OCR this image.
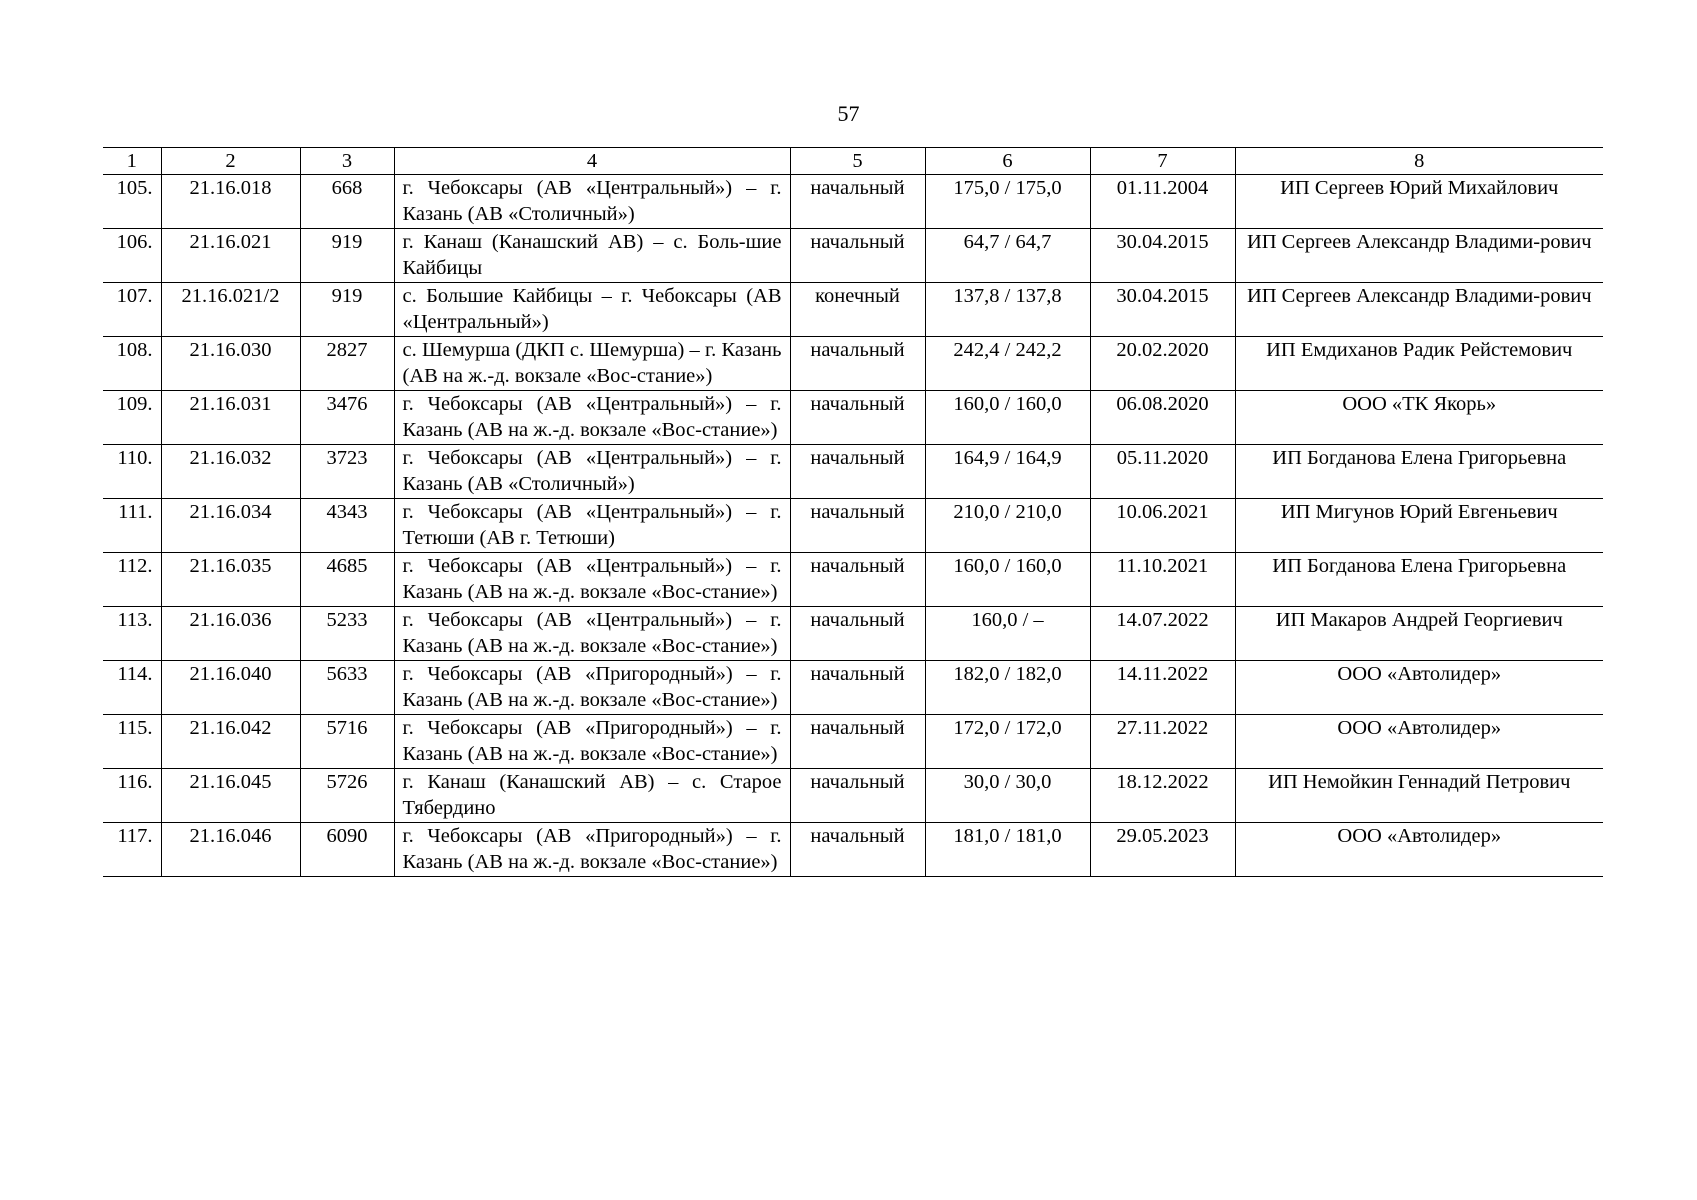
57
1	2	3	4	5	6	7	8
105.	21.16.018	668	г. Чебоксары (АВ «Центральный») – г. Казань (АВ «Столичный»)	начальный	175,0 / 175,0	01.11.2004	ИП Сергеев Юрий Михайлович
106.	21.16.021	919	г. Канаш (Канашский АВ) – с. Боль-шие Кайбицы	начальный	64,7 / 64,7	30.04.2015	ИП Сергеев Александр Владими-рович
107.	21.16.021/2	919	с. Большие Кайбицы – г. Чебоксары (АВ «Центральный»)	конечный	137,8 / 137,8	30.04.2015	ИП Сергеев Александр Владими-рович
108.	21.16.030	2827	с. Шемурша (ДКП с. Шемурша) – г. Казань (АВ на ж.-д. вокзале «Вос-стание»)	начальный	242,4 / 242,2	20.02.2020	ИП Емдиханов Радик Рейстемович
109.	21.16.031	3476	г. Чебоксары (АВ «Центральный») – г. Казань (АВ на ж.-д. вокзале «Вос-стание»)	начальный	160,0 / 160,0	06.08.2020	ООО «ТК Якорь»
110.	21.16.032	3723	г. Чебоксары (АВ «Центральный») – г. Казань (АВ «Столичный»)	начальный	164,9 / 164,9	05.11.2020	ИП Богданова Елена Григорьевна
111.	21.16.034	4343	г. Чебоксары (АВ «Центральный») – г. Тетюши (АВ г. Тетюши)	начальный	210,0 / 210,0	10.06.2021	ИП Мигунов Юрий Евгеньевич
112.	21.16.035	4685	г. Чебоксары (АВ «Центральный») – г. Казань (АВ на ж.-д. вокзале «Вос-стание»)	начальный	160,0 / 160,0	11.10.2021	ИП Богданова Елена Григорьевна
113.	21.16.036	5233	г. Чебоксары (АВ «Центральный») – г. Казань (АВ на ж.-д. вокзале «Вос-стание»)	начальный	160,0 / –	14.07.2022	ИП Макаров Андрей Георгиевич
114.	21.16.040	5633	г. Чебоксары (АВ «Пригородный») – г. Казань (АВ на ж.-д. вокзале «Вос-стание»)	начальный	182,0 / 182,0	14.11.2022	ООО «Автолидер»
115.	21.16.042	5716	г. Чебоксары (АВ «Пригородный») – г. Казань (АВ на ж.-д. вокзале «Вос-стание»)	начальный	172,0 / 172,0	27.11.2022	ООО «Автолидер»
116.	21.16.045	5726	г. Канаш (Канашский АВ) – с. Старое Тябердино	начальный	30,0 / 30,0	18.12.2022	ИП Немойкин Геннадий Петрович
117.	21.16.046	6090	г. Чебоксары (АВ «Пригородный») – г. Казань (АВ на ж.-д. вокзале «Вос-стание»)	начальный	181,0 / 181,0	29.05.2023	ООО «Автолидер»
